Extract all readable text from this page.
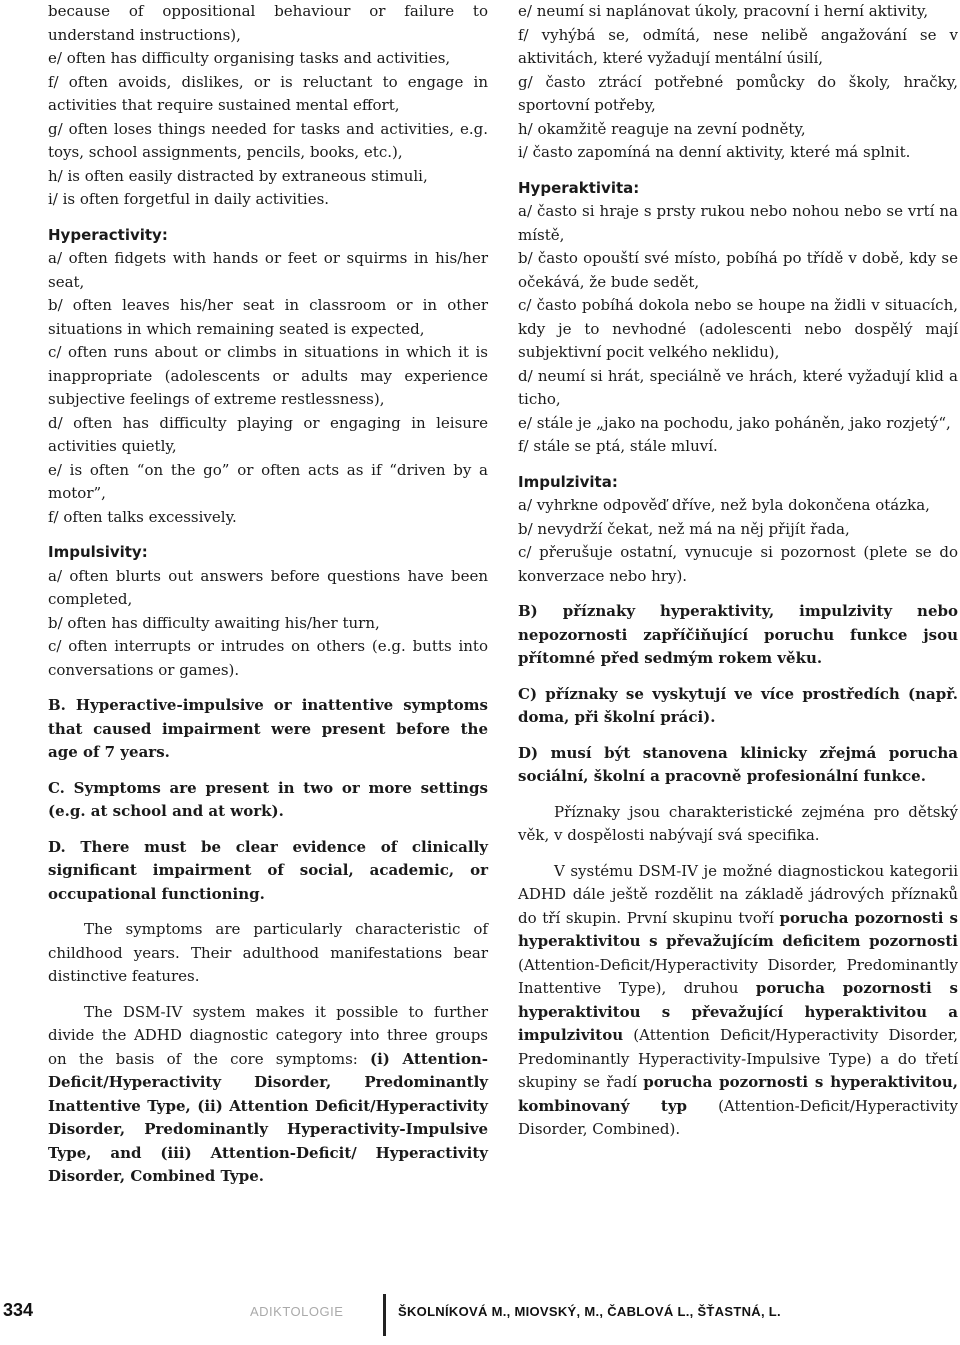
because of oppositional behaviour or failure to understand instructions),

e/ often has difficulty organising tasks and activities,

f/ often avoids, dislikes, or is reluctant to engage in activities that require sustained mental effort,

g/ often loses things needed for tasks and activities, e.g. toys, school assignments, pencils, books, etc.),

h/ is often easily distracted by extraneous stimuli,

i/ is often forgetful in daily activities.

Hyperactivity:

a/ often fidgets with hands or feet or squirms in his/her seat,

b/ often leaves his/her seat in classroom or in other situations in which remaining seated is expected,

c/ often runs about or climbs in situations in which it is inappropriate (adolescents or adults may experience subjective feelings of extreme restlessness),

d/ often has difficulty playing or engaging in leisure activities quietly,

e/ is often “on the go” or often acts as if “driven by a motor”,

f/ often talks excessively.

Impulsivity:

a/ often blurts out answers before questions have been completed,

b/ often has difficulty awaiting his/her turn,

c/ often interrupts or intrudes on others (e.g. butts into conversations or games).

B. Hyperactive-impulsive or inattentive symptoms that caused impairment were present before the age of 7 years.

C. Symptoms are present in two or more settings (e.g. at school and at work).

D. There must be clear evidence of clinically significant impairment of social, academic, or occupational functioning.

The symptoms are particularly characteristic of childhood years. Their adulthood manifestations bear distinctive features.

The DSM-IV system makes it possible to further divide the ADHD diagnostic category into three groups on the basis of the core symptoms: (i) Attention-Deficit/Hyperactivity Disorder, Predominantly Inattentive Type, (ii) Attention Deficit/Hyperactivity Disorder, Predominantly Hyperactivity-Impulsive Type, and (iii) Attention-Deficit/ Hyperactivity Disorder, Combined Type.

e/ neumí si naplánovat úkoly, pracovní i herní aktivity,

f/ vyhýbá se, odmítá, nese nelibě angažování se v aktivitách, které vyžadují mentální úsilí,

g/ často ztrácí potřebné pomůcky do školy, hračky, sportovní potřeby,

h/ okamžitě reaguje na zevní podněty,

i/ často zapomíná na denní aktivity, které má splnit.

Hyperaktivita:

a/ často si hraje s prsty rukou nebo nohou nebo se vrtí na místě,

b/ často opouští své místo, pobíhá po třídě v době, kdy se očekává, že bude sedět,

c/ často pobíhá dokola nebo se houpe na židli v situacích, kdy je to nevhodné (adolescenti nebo dospělý mají subjektivní pocit velkého neklidu),

d/ neumí si hrát, speciálně ve hrách, které vyžadují klid a ticho,

e/ stále je „jako na pochodu, jako poháněn, jako rozjetý“,

f/ stále se ptá, stále mluví.

Impulzivita:

a/ vyhrkne odpověď dříve, než byla dokončena otázka,

b/ nevydrží čekat, než má na něj přijít řada,

c/ přerušuje ostatní, vynucuje si pozornost (plete se do konverzace nebo hry).

B) příznaky hyperaktivity, impulzivity nebo nepozornosti zapříčiňující poruchu funkce jsou přítomné před sedmým rokem věku.

C) příznaky se vyskytují ve více prostředích (např. doma, při školní práci).

D) musí být stanovena klinicky zřejmá porucha sociální, školní a pracovně profesionální funkce.

Příznaky jsou charakteristické zejména pro dětský věk, v dospělosti nabývají svá specifika.

V systému DSM-IV je možné diagnostickou kategorii ADHD dále ještě rozdělit na základě jádrových příznaků do tří skupin. První skupinu tvoří porucha pozornosti s hyperaktivitou s převažujícím deficitem pozornosti (Attention-Deficit/Hyperactivity Disorder, Predominantly Inattentive Type), druhou porucha pozornosti s hyperaktivitou s převažující hyperaktivitou a impulzivitou (Attention Deficit/Hyperactivity Disorder, Predominantly Hyperactivity-Impulsive Type) a do třetí skupiny se řadí porucha pozornosti s hyperaktivitou, kombinovaný typ (Attention-Deficit/Hyperactivity Disorder, Combined).

334	ADIKTOLOGIE	ŠKOLNÍKOVÁ M., MIOVSKÝ, M., ČABLOVÁ L., ŠŤASTNÁ, L.
